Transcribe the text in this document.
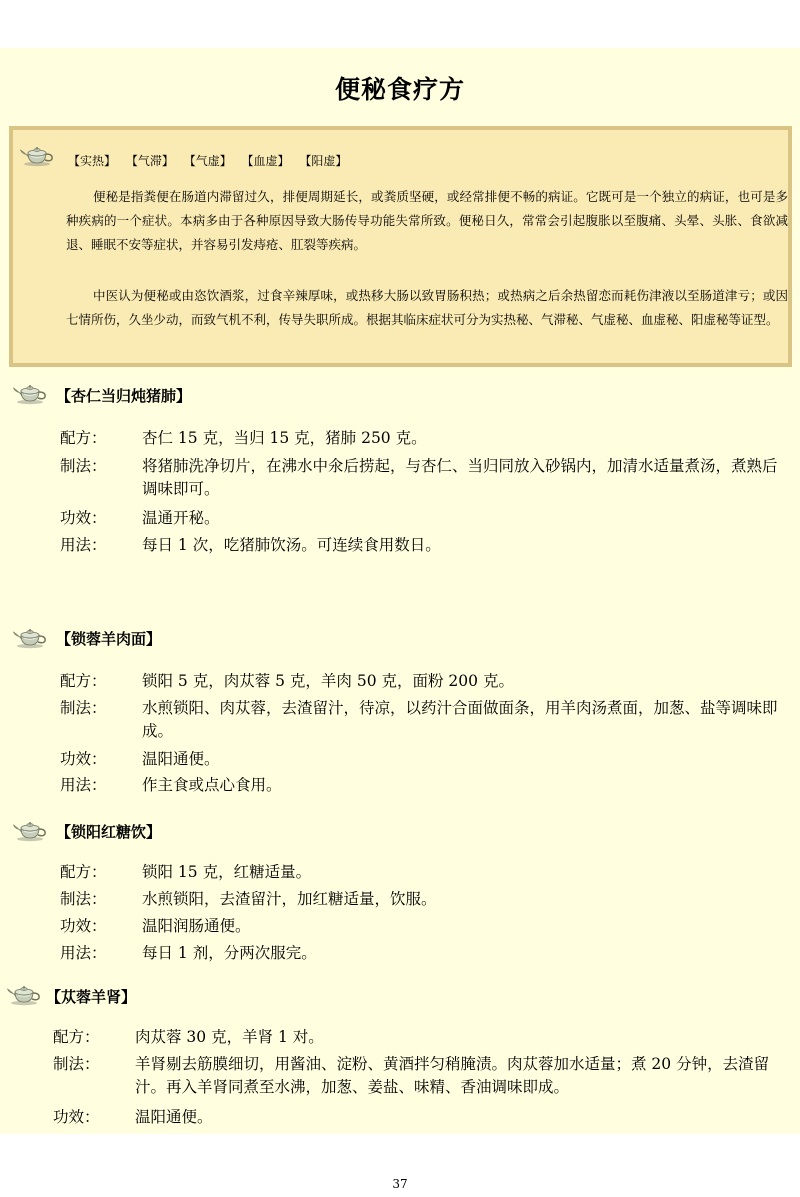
便秘食疗方
【实热】 【气滞】 【气虚】 【血虚】 【阳虚】

便秘是指粪便在肠道内滞留过久，排便周期延长，或粪质坚硬，或经常排便不畅的病证。它既可是一个独立的病证，也可是多种疾病的一个症状。本病多由于各种原因导致大肠传导功能失常所致。便秘日久，常常会引起腹胀以至腹痛、头晕、头胀、食欲减退、睡眠不安等症状，并容易引发痔疮、肛裂等疾病。

中医认为便秘或由恣饮酒浆，过食辛辣厚味，或热移大肠以致胃肠积热；或热病之后余热留恋而耗伤津液以至肠道津亏；或因七情所伤，久坐少动，而致气机不利，传导失职所成。根据其临床症状可分为实热秘、气滞秘、气虚秘、血虚秘、阳虚秘等证型。

【杏仁当归炖猪肺】
配方： 杏仁 15 克，当归 15 克，猪肺 250 克。
制法： 将猪肺洗净切片，在沸水中氽后捞起，与杏仁、当归同放入砂锅内，加清水适量煮汤，煮熟后调味即可。
功效： 温通开秘。
用法： 每日 1 次，吃猪肺饮汤。可连续食用数日。
【锁蓉羊肉面】
配方： 锁阳 5 克，肉苁蓉 5 克，羊肉 50 克，面粉 200 克。
制法： 水煎锁阳、肉苁蓉，去渣留汁，待凉，以药汁合面做面条，用羊肉汤煮面，加葱、盐等调味即成。
功效： 温阳通便。
用法： 作主食或点心食用。
【锁阳红糖饮】
配方： 锁阳 15 克，红糖适量。
制法： 水煎锁阳，去渣留汁，加红糖适量，饮服。
功效： 温阳润肠通便。
用法： 每日 1 剂，分两次服完。
【苁蓉羊肾】
配方： 肉苁蓉 30 克，羊肾 1 对。
制法： 羊肾剔去筋膜细切，用酱油、淀粉、黄酒拌匀稍腌渍。肉苁蓉加水适量；煮 20 分钟，去渣留汁。再入羊肾同煮至水沸，加葱、姜盐、味精、香油调味即成。
功效： 温阳通便。
37
